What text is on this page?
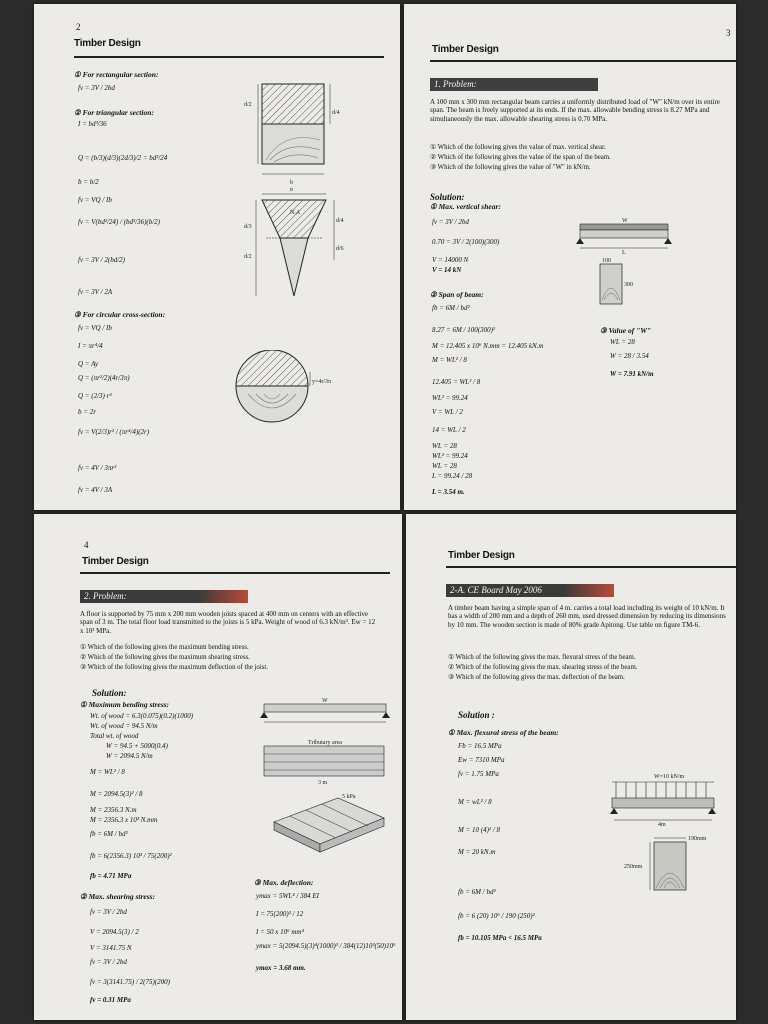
2
Timber Design
① For rectangular section:
fv = 3V / 2bd
② For triangular section:
I = bd³/36
Q = (b/3)(d/3)(2d/3)/2 = bd²/24
b = b/2
fv = VQ / Ib
fv = V(bd²/24) / (bd³/36)(b/2)
fv = 3V / 2(bd/2)
fv = 3V / 2A
③ For circular cross-section:
fv = VQ / Ib
I = πr⁴/4
Q = Ay
Q = (πr²/2)(4r/3π)
Q = (2/3) r³
b = 2r
fv = V(2/3)r³ / (πr⁴/4)(2r)
fv = 4V / 3πr²
fv = 4V / 3A
d/2
d/4
b
b
N.A
d/3
d/2
d/4
d/6
y=4r/3π
3
Timber Design
1. Problem:
A 100 mm x 300 mm rectangular beam carries a uniformly distributed load of "W" kN/m over its entire span. The beam is freely supported at its ends. If the max. allowable bending stress is 8.27 MPa and simultaneously the max. allowable shearing stress is 0.70 MPa.
① Which of the following gives the value of max. vertical shear.
② Which of the following gives the value of the span of the beam.
③ Which of the following gives the value of "W" in kN/m.
Solution:
① Max. vertical shear:
fv = 3V / 2bd
0.70 = 3V / 2(100)(300)
V = 14000 N
V = 14 kN
② Span of beam:
fb = 6M / bd²
8.27 = 6M / 100(300)²
M = 12.405 x 10⁶ N.mm = 12.405 kN.m
M = WL² / 8
12.405 = WL² / 8
WL² = 99.24
V = WL / 2
14 = WL / 2
WL = 28
WL² = 99.24
WL = 28
L = 99.24 / 28
L = 3.54 m.
③ Value of "W"
WL = 28
W = 28 / 3.54
W = 7.91 kN/m
W
L
100
300
4
Timber Design
2. Problem:
A floor is supported by 75 mm x 200 mm wooden joists spaced at 400 mm on centers with an effective span of 3 m. The total floor load transmitted to the joists is 5 kPa. Weight of wood of 6.3 kN/m³. Ew = 12 x 10³ MPa.
① Which of the following gives the maximum bending stress.
② Which of the following gives the maximum shearing stress.
③ Which of the following gives the maximum deflection of the joist.
Solution:
① Maximum bending stress:
Wt. of wood = 6.3(0.075)(0.2)(1000)
Wt. of wood = 94.5 N/m
Total wt. of wood
W = 94.5 + 5000(0.4)
W = 2094.5 N/m
M = WL² / 8
M = 2094.5(3)² / 8
M = 2356.3 N.m
M = 2356.3 x 10³ N.mm
fb = 6M / bd²
fb = 6(2356.3) 10³ / 75(200)²
fb = 4.71 MPa
② Max. shearing stress:
fv = 3V / 2bd
V = 2094.5(3) / 2
V = 3141.75 N
fv = 3V / 2bd
fv = 3(3141.75) / 2(75)(200)
fv = 0.31 MPa
③ Max. deflection:
ymax = 5WL⁴ / 384 EI
I = 75(200)³ / 12
I = 50 x 10⁶ mm⁴
ymax = 5(2094.5)(3)⁴(1000)³ / 384(12)10³(50)10⁶
ymax = 3.68 mm.
W
Tributary area
3 m
5 kPa
Timber Design
2-A. CE Board May 2006
A timber beam having a simple span of 4 m. carries a total load including its weight of 10 kN/m. It has a width of 200 mm and a depth of 260 mm, used dressed dimension by reducing its dimensions by 10 mm. The wooden section is made of 80% grade Apitong. Use table on figure TM-6.
① Which of the following gives the max. flexural stress of the beam.
② Which of the following gives the max. shearing stress of the beam.
③ Which of the following gives the max. deflection of the beam.
Solution :
① Max. flexural stress of the beam:
Fb = 16.5 MPa
Ew = 7310 MPa
fv = 1.75 MPa
M = wL² / 8
M = 10 (4)² / 8
M = 20 kN.m
fb = 6M / bd²
fb = 6 (20) 10⁶ / 190 (250)²
fb = 10.105 MPa < 16.5 MPa
W=10 kN/m
4m
190mm
250mm
